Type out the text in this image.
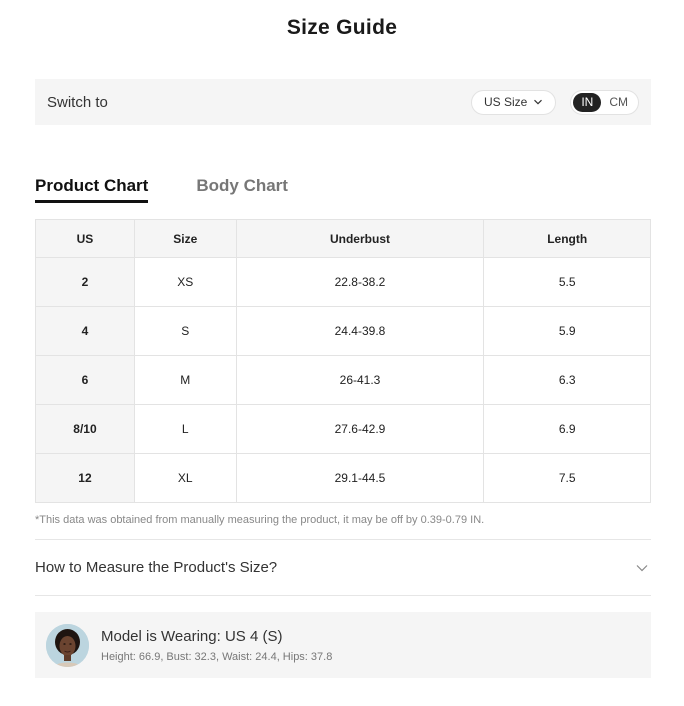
Size Guide
Switch to	US Size	IN	CM
Product Chart	Body Chart
US	Size	Underbust	Length
2	XS	22.8-38.2	5.5
4	S	24.4-39.8	5.9
6	M	26-41.3	6.3
8/10	L	27.6-42.9	6.9
12	XL	29.1-44.5	7.5
*This data was obtained from manually measuring the product, it may be off by 0.39-0.79 IN.
How to Measure the Product's Size?
Model is Wearing: US 4 (S)
Height: 66.9, Bust: 32.3, Waist: 24.4, Hips: 37.8
